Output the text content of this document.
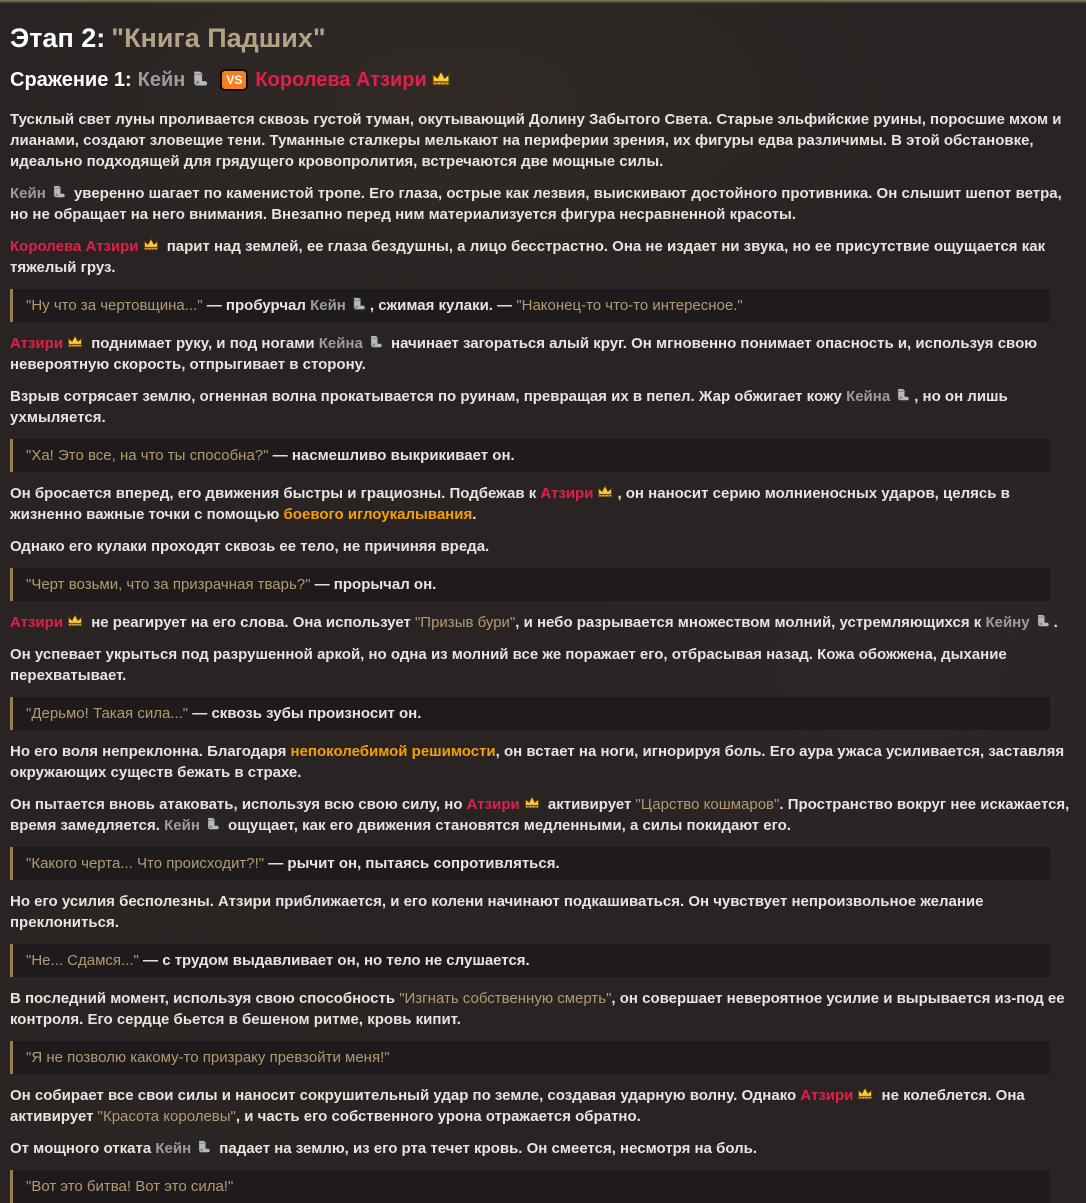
Этап 2: "Книга Падших"
Сражение 1: Кейн	VS Королева Атзири

Тусклый свет луны проливается сквозь густой туман, окутывающий Долину Забытого Света. Старые эльфийские руины, поросшие мхом и лианами, создают зловещие тени. Туманные сталкеры мелькают на периферии зрения, их фигуры едва различимы. В этой обстановке, идеально подходящей для грядущего кровопролития, встречаются две мощные силы.

Кейн уверенно шагает по каменистой тропе. Его глаза, острые как лезвия, выискивают достойного противника. Он слышит шепот ветра, но не обращает на него внимания. Внезапно перед ним материализуется фигура несравненной красоты.

Королева Атзири парит над землей, ее глаза бездушны, а лицо бесстрастно. Она не издает ни звука, но ее присутствие ощущается как тяжелый груз.

"Ну что за чертовщина..." — пробурчал Кейн , сжимая кулаки. — "Наконец-то что-то интересное."

Атзири поднимает руку, и под ногами Кейна начинает загораться алый круг. Он мгновенно понимает опасность и, используя свою невероятную скорость, отпрыгивает в сторону.

Взрыв сотрясает землю, огненная волна прокатывается по руинам, превращая их в пепел. Жар обжигает кожу Кейна , но он лишь ухмыляется.

"Ха! Это все, на что ты способна?" — насмешливо выкрикивает он.

Он бросается вперед, его движения быстры и грациозны. Подбежав к Атзири , он наносит серию молниеносных ударов, целясь в жизненно важные точки с помощью боевого иглоукалывания.

Однако его кулаки проходят сквозь ее тело, не причиняя вреда.

"Черт возьми, что за призрачная тварь?" — прорычал он.

Атзири не реагирует на его слова. Она использует "Призыв бури", и небо разрывается множеством молний, устремляющихся к Кейну .

Он успевает укрыться под разрушенной аркой, но одна из молний все же поражает его, отбрасывая назад. Кожа обожжена, дыхание перехватывает.

"Дерьмо! Такая сила..." — сквозь зубы произносит он.

Но его воля непреклонна. Благодаря непоколебимой решимости, он встает на ноги, игнорируя боль. Его аура ужаса усиливается, заставляя окружающих существ бежать в страхе.

Он пытается вновь атаковать, используя всю свою силу, но Атзири активирует "Царство кошмаров". Пространство вокруг нее искажается, время замедляется. Кейн ощущает, как его движения становятся медленными, а силы покидают его.

"Какого черта... Что происходит?!" — рычит он, пытаясь сопротивляться.

Но его усилия бесполезны. Атзири приближается, и его колени начинают подкашиваться. Он чувствует непроизвольное желание преклониться.

"Не... Сдамся..." — с трудом выдавливает он, но тело не слушается.

В последний момент, используя свою способность "Изгнать собственную смерть", он совершает невероятное усилие и вырывается из-под ее контроля. Его сердце бьется в бешеном ритме, кровь кипит.

"Я не позволю какому-то призраку превзойти меня!"

Он собирает все свои силы и наносит сокрушительный удар по земле, создавая ударную волну. Однако Атзири не колеблется. Она активирует "Красота королевы", и часть его собственного урона отражается обратно.

От мощного отката Кейн падает на землю, из его рта течет кровь. Он смеется, несмотря на боль.

"Вот это битва! Вот это сила!"
